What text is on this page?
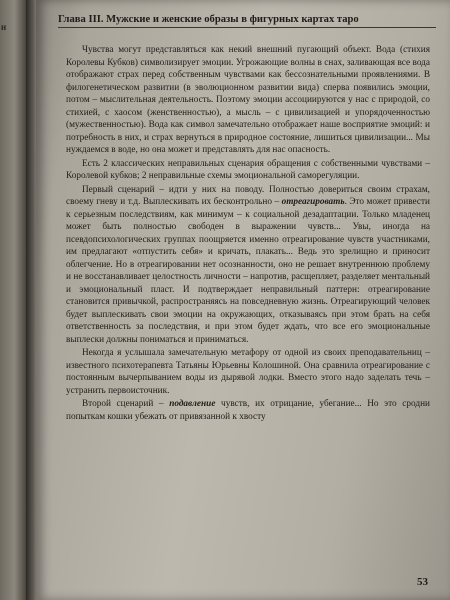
н
Глава III. Мужские и женские образы в фигурных картах таро

Чувства могут представляться как некий внешний пугающий объект. Вода (стихия Королевы Кубков) символизирует эмоции. Угрожающие волны в снах, заливающая все вода отображают страх перед собственным чувствами как бессознательными проявлениями. В филогенетическом развитии (в эволюционном развитии вида) сперва появились эмоции, потом – мыслительная деятельность. Поэтому эмоции ассоциируются у нас с природой, со стихией, с хаосом (женственностью), а мысль – с цивилизацией и упорядоченностью (мужественностью). Вода как символ замечательно отображает наше восприятие эмоций: и потребность в них, и страх вернуться в природное состояние, лишиться цивилизации... Мы нуждаемся в воде, но она может и представлять для нас опасность.

Есть 2 классических неправильных сценария обращения с собственными чувствами – Королевой кубков; 2 неправильные схемы эмоциональной саморегуляции.

Первый сценарий – идти у них на поводу. Полностью довериться своим страхам, своему гневу и т.д. Выплескивать их бесконтрольно – отреагировать. Это может привести к серьезным последствиям, как минимум – к социальной дезадаптации. Только младенец может быть полностью свободен в выражении чувств... Увы, иногда на псевдопсихологических группах поощряется именно отреагирование чувств участниками, им предлагают «отпустить себя» и кричать, плакать... Ведь это зрелищно и приносит облегчение. Но в отреагировании нет осознанности, оно не решает внутреннюю проблему и не восстанавливает целостность личности – напротив, расщепляет, разделяет ментальный и эмоциональный пласт. И подтверждает неправильный паттерн: отреагирование становится привычкой, распространяясь на повседневную жизнь. Отреагирующий человек будет выплескивать свои эмоции на окружающих, отказываясь при этом брать на себя ответственность за последствия, и при этом будет ждать, что все его эмоциональные выплески должны пониматься и приниматься.

Некогда я услышала замечательную метафору от одной из своих преподавательниц – известного психотерапевта Татьяны Юрьевны Колошиной. Она сравнила отреагирование с постоянным вычерпыванием воды из дырявой лодки. Вместо этого надо заделать течь – устранить первоисточник.

Второй сценарий – подавление чувств, их отрицание, убегание... Но это сродни попыткам кошки убежать от привязанной к хвосту

53
